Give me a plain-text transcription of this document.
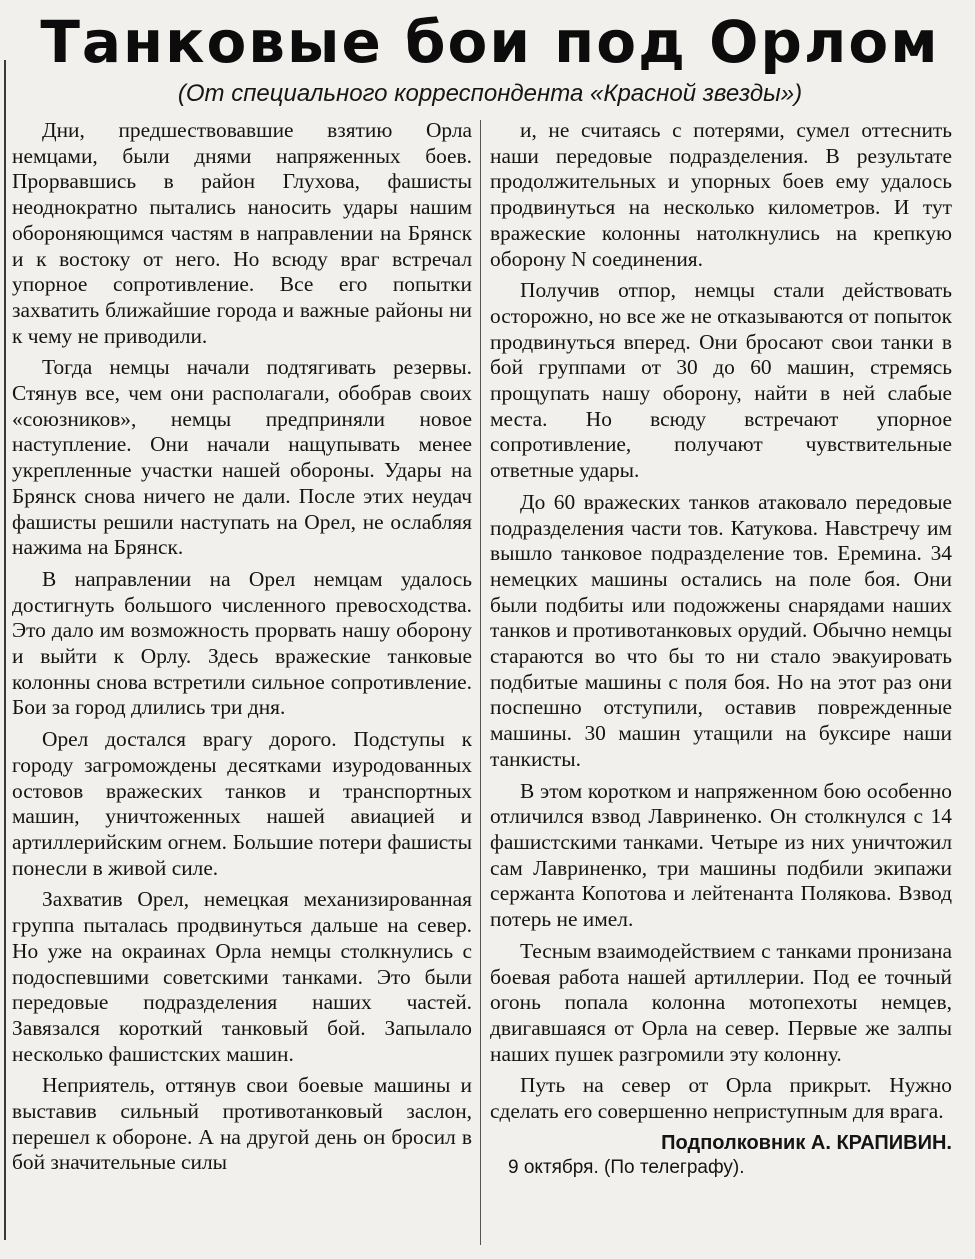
Танковые бои под Орлом
(От специального корреспондента «Красной звезды»)

Дни, предшествовавшие взятию Орла немцами, были днями напряженных боев. Прорвавшись в район Глухова, фашисты неоднократно пытались наносить удары нашим обороняющимся частям в направлении на Брянск и к востоку от него. Но всюду враг встречал упорное сопротивление. Все его попытки захватить ближайшие города и важные районы ни к чему не приводили.

Тогда немцы начали подтягивать резервы. Стянув все, чем они располагали, обобрав своих «союзников», немцы предприняли новое наступление. Они начали нащупывать менее укрепленные участки нашей обороны. Удары на Брянск снова ничего не дали. После этих неудач фашисты решили наступать на Орел, не ослабляя нажима на Брянск.

В направлении на Орел немцам удалось достигнуть большого численного превосходства. Это дало им возможность прорвать нашу оборону и выйти к Орлу. Здесь вражеские танковые колонны снова встретили сильное сопротивление. Бои за город длились три дня.

Орел достался врагу дорого. Подступы к городу загромождены десятками изуродованных остовов вражеских танков и транспортных машин, уничтоженных нашей авиацией и артиллерийским огнем. Большие потери фашисты понесли в живой силе.

Захватив Орел, немецкая механизированная группа пыталась продвинуться дальше на север. Но уже на окраинах Орла немцы столкнулись с подоспевшими советскими танками. Это были передовые подразделения наших частей. Завязался короткий танковый бой. Запылало несколько фашистских машин.

Неприятель, оттянув свои боевые машины и выставив сильный противотанковый заслон, перешел к обороне. А на другой день он бросил в бой значительные силы

и, не считаясь с потерями, сумел оттеснить наши передовые подразделения. В результате продолжительных и упорных боев ему удалось продвинуться на несколько километров. И тут вражеские колонны натолкнулись на крепкую оборону N соединения.

Получив отпор, немцы стали действовать осторожно, но все же не отказываются от попыток продвинуться вперед. Они бросают свои танки в бой группами от 30 до 60 машин, стремясь прощупать нашу оборону, найти в ней слабые места. Но всюду встречают упорное сопротивление, получают чувствительные ответные удары.

До 60 вражеских танков атаковало передовые подразделения части тов. Катукова. Навстречу им вышло танковое подразделение тов. Еремина. 34 немецких машины остались на поле боя. Они были подбиты или подожжены снарядами наших танков и противотанковых орудий. Обычно немцы стараются во что бы то ни стало эвакуировать подбитые машины с поля боя. Но на этот раз они поспешно отступили, оставив поврежденные машины. 30 машин утащили на буксире наши танкисты.

В этом коротком и напряженном бою особенно отличился взвод Лавриненко. Он столкнулся с 14 фашистскими танками. Четыре из них уничтожил сам Лавриненко, три машины подбили экипажи сержанта Копотова и лейтенанта Полякова. Взвод потерь не имел.

Тесным взаимодействием с танками пронизана боевая работа нашей артиллерии. Под ее точный огонь попала колонна мотопехоты немцев, двигавшаяся от Орла на север. Первые же залпы наших пушек разгромили эту колонну.

Путь на север от Орла прикрыт. Нужно сделать его совершенно неприступным для врага.

Подполковник А. КРАПИВИН.

9 октября. (По телеграфу).
